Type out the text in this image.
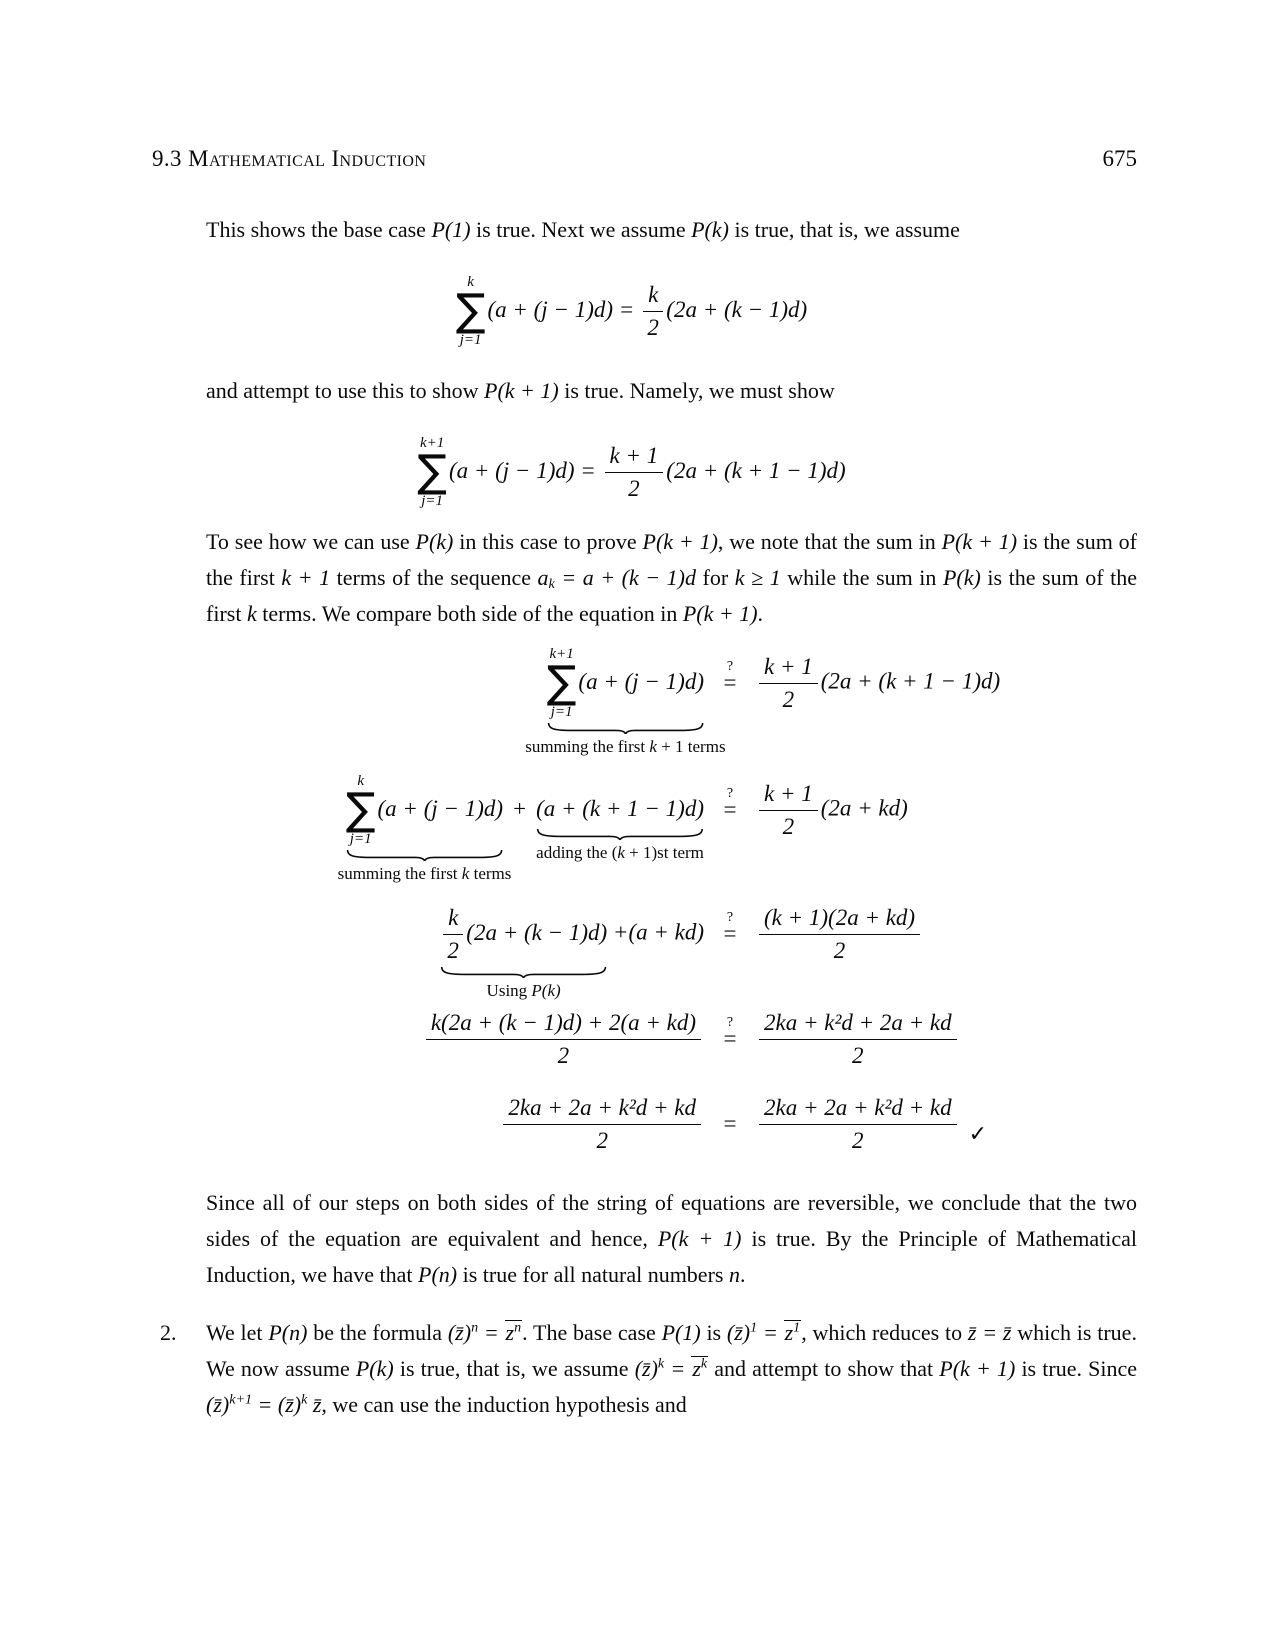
9.3 Mathematical Induction	675

This shows the base case P(1) is true. Next we assume P(k) is true, that is, we assume

k
∑
j=1
$(a + (j - 1)d) = \frac{k}{2} (2a + (k - 1)d)$

and attempt to use this to show P(k + 1) is true. Namely, we must show

k+1
∑
j=1
$(a + (j - 1)d) = \frac{k + 1}{2} (2a + (k + 1 - 1)d)$

To see how we can use P(k) in this case to prove P(k + 1), we note that the sum in P(k + 1) is the sum of the first k + 1 terms of the sequence $a_k = a + (k - 1)d$ for k ≥ 1 while the sum in P(k) is the sum of the first k terms. We compare both side of the equation in P(k + 1).

k+1
∑
j=1
(a + (j − 1)d)
summing the first k + 1 terms
?
= $\frac{k + 1}{2} (2a + (k + 1 - 1)d)$
k
∑
j=1
(a + (j − 1)d)
summing the first k terms
+ (a + (k + 1 − 1)d)
adding the (k + 1)st term
?
= $\frac{k + 1}{2} (2a + kd)$
$\frac{k}{2} (2a + (k - 1)d)$
Using P(k)
+(a + kd)
?
= $\frac{(k + 1)(2a + kd)}{2}$
$\frac{k(2a + (k - 1)d) + 2(a + kd)}{2}$ ?
= $\frac{\text{2ka + k²d + 2a + kd}}{2}$
$\frac{\text{2ka + 2a + k²d + kd}}{2} = \frac{\text{2ka + 2a + k²d + kd}}{2}$ ✓

Since all of our steps on both sides of the string of equations are reversible, we conclude that the two sides of the equation are equivalent and hence, P(k + 1) is true. By the Principle of Mathematical Induction, we have that P(n) is true for all natural numbers n.

2.	We let P(n) be the formula (z̄)$^n$ = $z^n$. The base case P(1) is (z̄)$^1$ = $z^1$, which reduces to z̄ = z̄ which is true. We now assume P(k) is true, that is, we assume (z̄)$^k$ = $z^k$ and attempt to show that P(k + 1) is true. Since (z̄)$^{k+1}$ = (z̄)$^k$ z̄, we can use the induction hypothesis and
